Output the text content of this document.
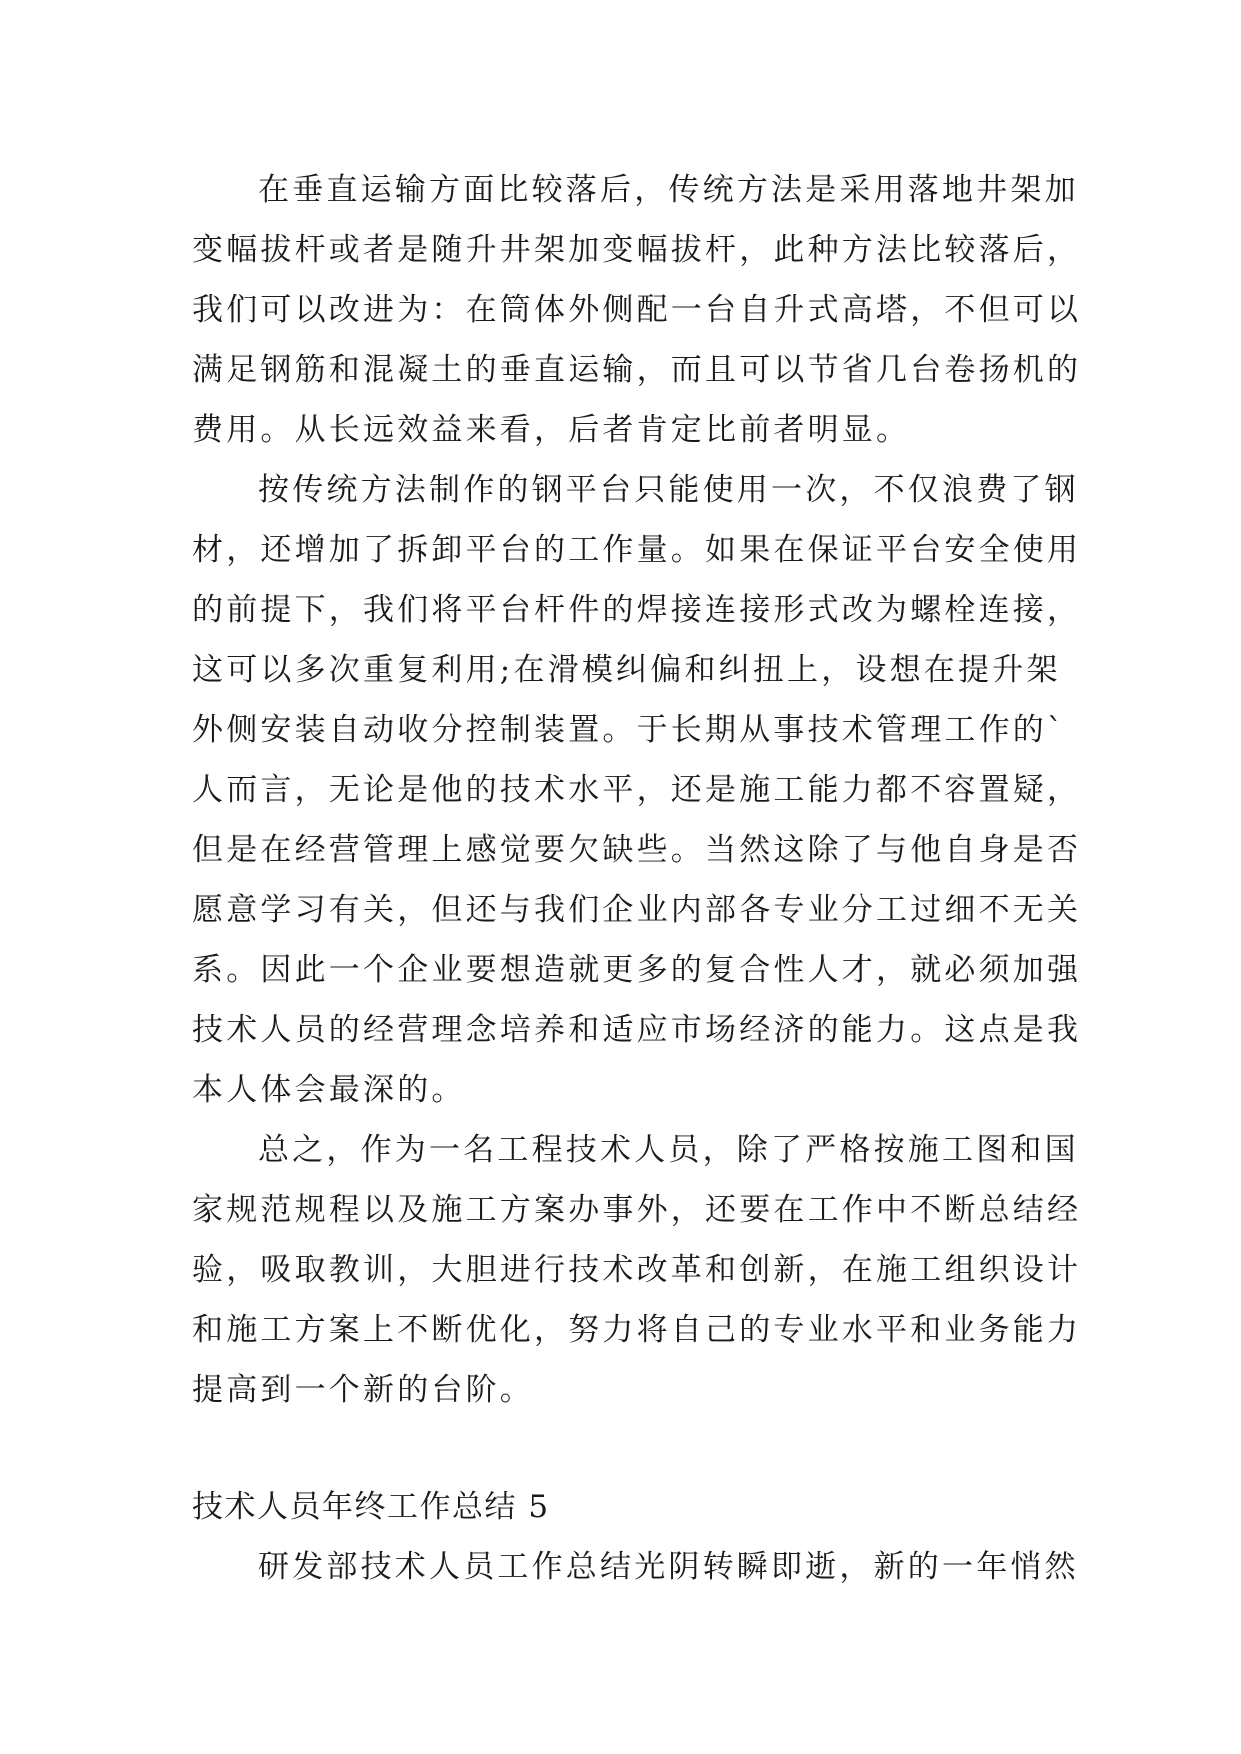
在垂直运输方面比较落后，传统方法是采用落地井架加
变幅拔杆或者是随升井架加变幅拔杆，此种方法比较落后，
我们可以改进为：在筒体外侧配一台自升式高塔，不但可以
满足钢筋和混凝土的垂直运输，而且可以节省几台卷扬机的
费用。从长远效益来看，后者肯定比前者明显。
按传统方法制作的钢平台只能使用一次，不仅浪费了钢
材，还增加了拆卸平台的工作量。如果在保证平台安全使用
的前提下，我们将平台杆件的焊接连接形式改为螺栓连接，
这可以多次重复利用;在滑模纠偏和纠扭上，设想在提升架
外侧安装自动收分控制装置。于长期从事技术管理工作的`
人而言，无论是他的技术水平，还是施工能力都不容置疑，
但是在经营管理上感觉要欠缺些。当然这除了与他自身是否
愿意学习有关，但还与我们企业内部各专业分工过细不无关
系。因此一个企业要想造就更多的复合性人才，就必须加强
技术人员的经营理念培养和适应市场经济的能力。这点是我
本人体会最深的。
总之，作为一名工程技术人员，除了严格按施工图和国
家规范规程以及施工方案办事外，还要在工作中不断总结经
验，吸取教训，大胆进行技术改革和创新，在施工组织设计
和施工方案上不断优化，努力将自己的专业水平和业务能力
提高到一个新的台阶。
技术人员年终工作总结 5
研发部技术人员工作总结光阴转瞬即逝，新的一年悄然
